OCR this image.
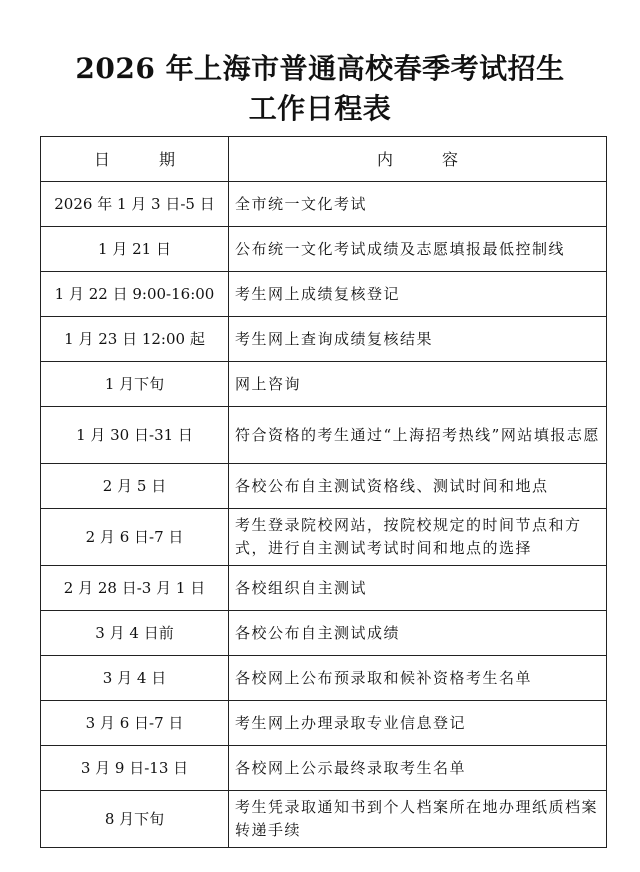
2026 年上海市普通高校春季考试招生
工作日程表
日 期	内 容
2026 年 1 月 3 日-5 日	全市统一文化考试
1 月 21 日	公布统一文化考试成绩及志愿填报最低控制线
1 月 22 日 9:00-16:00	考生网上成绩复核登记
1 月 23 日 12:00 起	考生网上查询成绩复核结果
1 月下旬	网上咨询
1 月 30 日-31 日	符合资格的考生通过“上海招考热线”网站填报志愿
2 月 5 日	各校公布自主测试资格线、测试时间和地点
2 月 6 日-7 日	考生登录院校网站，按院校规定的时间节点和方式，进行自主测试考试时间和地点的选择
2 月 28 日-3 月 1 日	各校组织自主测试
3 月 4 日前	各校公布自主测试成绩
3 月 4 日	各校网上公布预录取和候补资格考生名单
3 月 6 日-7 日	考生网上办理录取专业信息登记
3 月 9 日-13 日	各校网上公示最终录取考生名单
8 月下旬	考生凭录取通知书到个人档案所在地办理纸质档案转递手续
